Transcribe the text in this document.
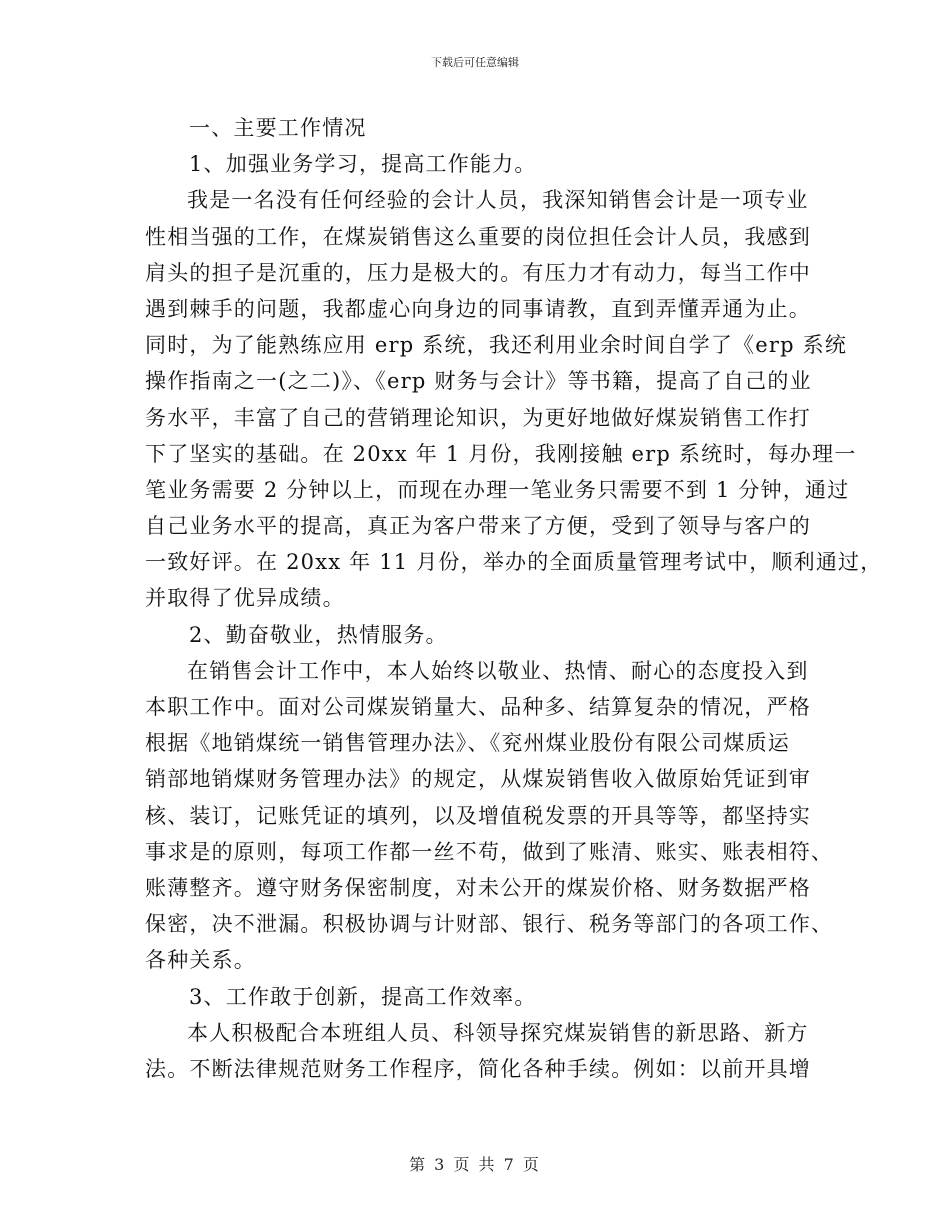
下载后可任意编辑
一、主要工作情况
1、加强业务学习，提高工作能力。
我是一名没有任何经验的会计人员，我深知销售会计是一项专业
性相当强的工作，在煤炭销售这么重要的岗位担任会计人员，我感到
肩头的担子是沉重的，压力是极大的。有压力才有动力，每当工作中
遇到棘手的问题，我都虚心向身边的同事请教，直到弄懂弄通为止。
同时，为了能熟练应用 erp 系统，我还利用业余时间自学了《erp 系统
操作指南之一(之二)》、《erp 财务与会计》等书籍，提高了自己的业
务水平，丰富了自己的营销理论知识，为更好地做好煤炭销售工作打
下了坚实的基础。在 20xx 年 1 月份，我刚接触 erp 系统时，每办理一
笔业务需要 2 分钟以上，而现在办理一笔业务只需要不到 1 分钟，通过
自己业务水平的提高，真正为客户带来了方便，受到了领导与客户的
一致好评。在 20xx 年 11 月份，举办的全面质量管理考试中，顺利通过，
并取得了优异成绩。
2、勤奋敬业，热情服务。
在销售会计工作中，本人始终以敬业、热情、耐心的态度投入到
本职工作中。面对公司煤炭销量大、品种多、结算复杂的情况，严格
根据《地销煤统一销售管理办法》、《兖州煤业股份有限公司煤质运
销部地销煤财务管理办法》的规定，从煤炭销售收入做原始凭证到审
核、装订，记账凭证的填列，以及增值税发票的开具等等，都坚持实
事求是的原则，每项工作都一丝不苟，做到了账清、账实、账表相符、
账薄整齐。遵守财务保密制度，对未公开的煤炭价格、财务数据严格
保密，决不泄漏。积极协调与计财部、银行、税务等部门的各项工作、
各种关系。
3、工作敢于创新，提高工作效率。
本人积极配合本班组人员、科领导探究煤炭销售的新思路、新方
法。不断法律规范财务工作程序，简化各种手续。例如：以前开具增
第 3 页 共 7 页
